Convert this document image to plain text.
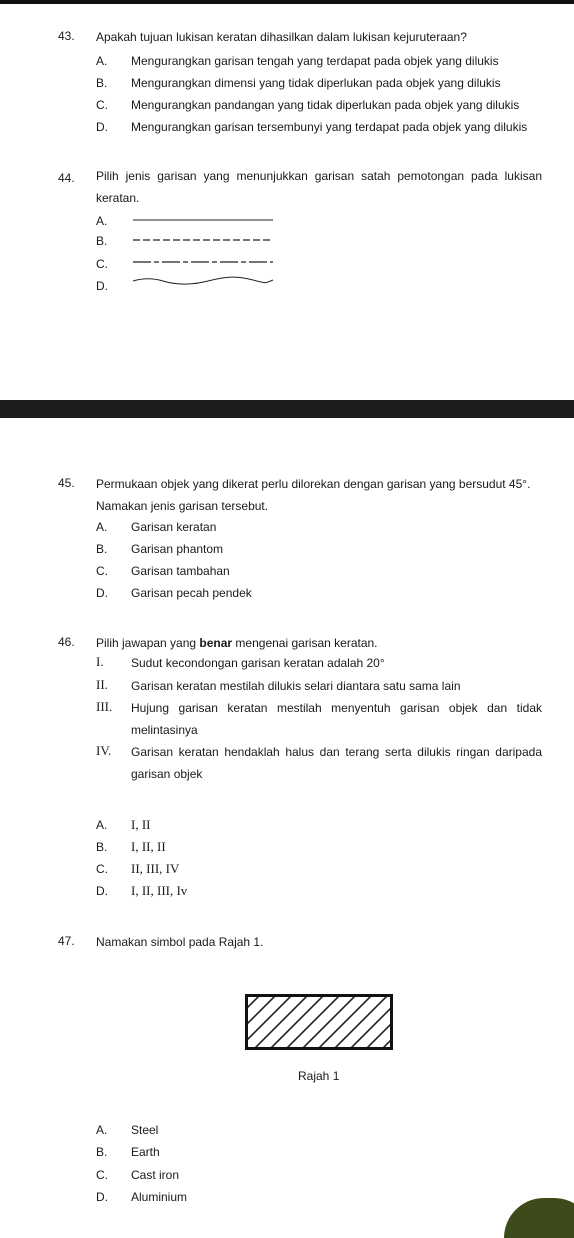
43. Apakah tujuan lukisan keratan dihasilkan dalam lukisan kejuruteraan?
A. Mengurangkan garisan tengah yang terdapat pada objek yang dilukis
B. Mengurangkan dimensi yang tidak diperlukan pada objek yang dilukis
C. Mengurangkan pandangan yang tidak diperlukan pada objek yang dilukis
D. Mengurangkan garisan tersembunyi yang terdapat pada objek yang dilukis
44. Pilih jenis garisan yang menunjukkan garisan satah pemotongan pada lukisan keratan.
A.
B.
C.
D.
45. Permukaan objek yang dikerat perlu dilorekan dengan garisan yang bersudut 45°.
Namakan jenis garisan tersebut.
A. Garisan keratan
B. Garisan phantom
C. Garisan tambahan
D. Garisan pecah pendek
46. Pilih jawapan yang benar mengenai garisan keratan.
I. Sudut kecondongan garisan keratan adalah 20°
II. Garisan keratan mestilah dilukis selari diantara satu sama lain
III. Hujung garisan keratan mestilah menyentuh garisan objek dan tidak melintasinya
IV. Garisan keratan hendaklah halus dan terang serta dilukis ringan daripada garisan objek
A. I, II
B. I, II, II
C. II, III, IV
D. I, II, III, Iv
47. Namakan simbol pada Rajah 1.
Rajah 1
A. Steel
B. Earth
C. Cast iron
D. Aluminium
